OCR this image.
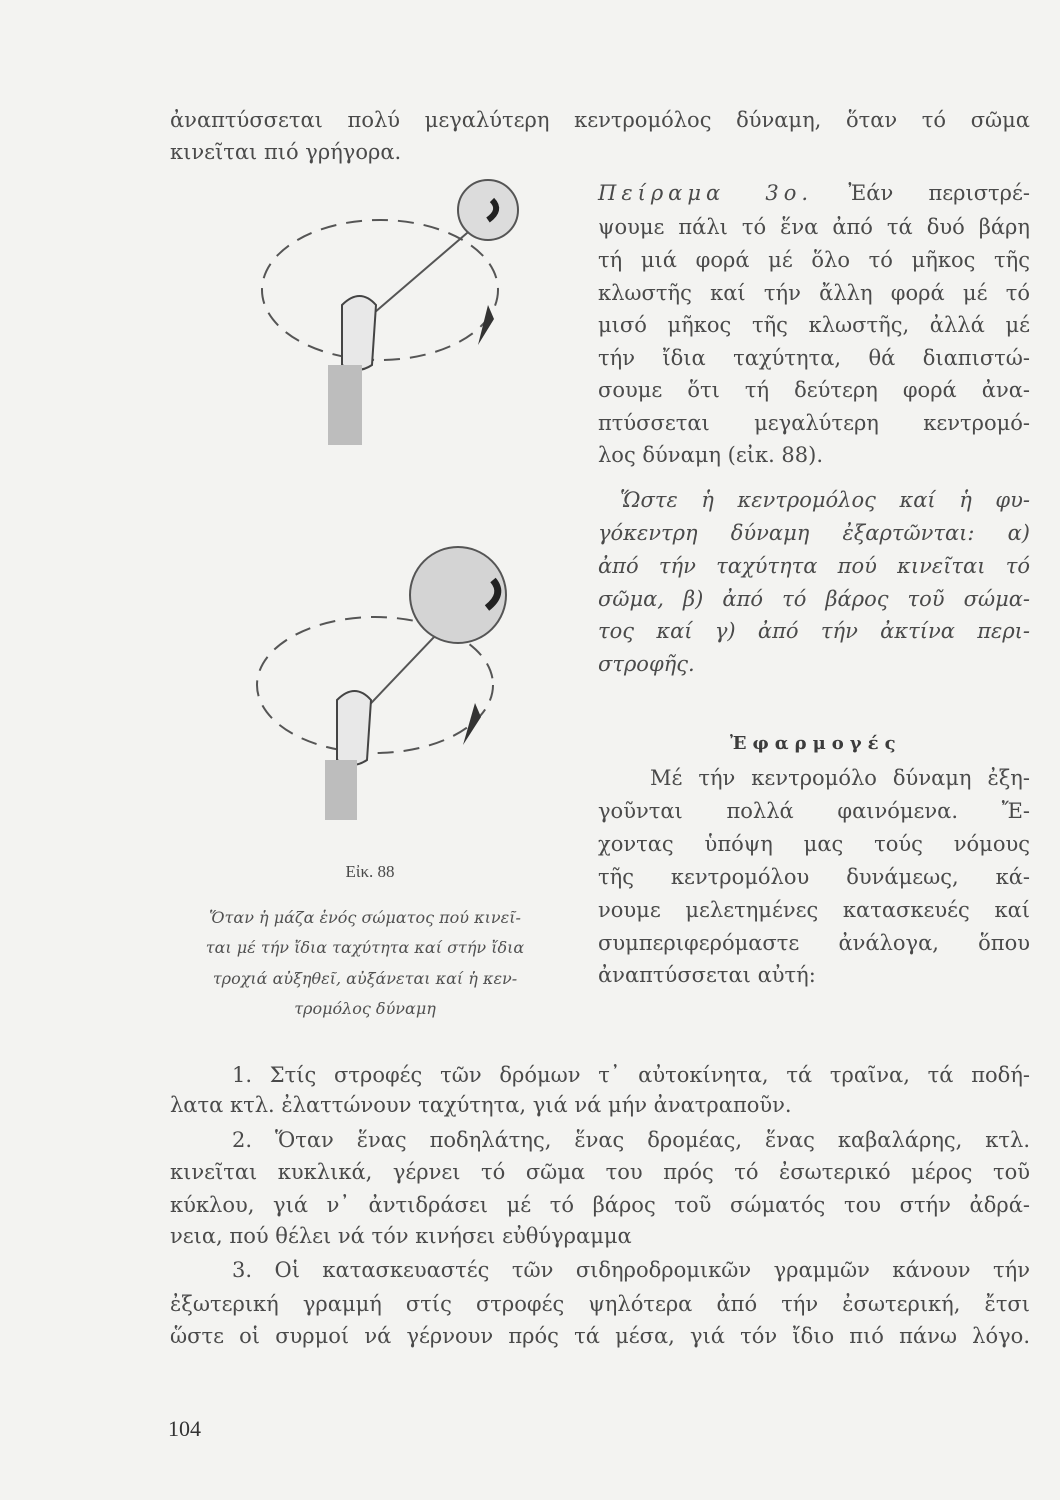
ἀναπτύσσεται πολύ μεγαλύτερη κεντρομόλος δύναμη, ὅταν τό σῶμα
κινεῖται πιό γρήγορα.
Πείραμα 3ο. Ἐάν περιστρέ-
ψουμε πάλι τό ἕνα ἀπό τά δυό βάρη
τή μιά φορά μέ ὅλο τό μῆκος τῆς
κλωστῆς καί τήν ἄλλη φορά μέ τό
μισό μῆκος τῆς κλωστῆς, ἀλλά μέ
τήν ἴδια ταχύτητα, θά διαπιστώ-
σουμε ὅτι τή δεύτερη φορά ἀνα-
πτύσσεται μεγαλύτερη κεντρομό-
λος δύναμη (εἰκ. 88).
Ὥστε ἡ κεντρομόλος καί ἡ φυ-
γόκεντρη δύναμη ἐξαρτῶνται: α)
ἀπό τήν ταχύτητα πού κινεῖται τό
σῶμα, β) ἀπό τό βάρος τοῦ σώμα-
τος καί γ) ἀπό τήν ἀκτίνα περι-
στροφῆς.
Ἐφαρμογές
Μέ τήν κεντρομόλο δύναμη ἐξη-
γοῦνται πολλά φαινόμενα. Ἔ-
χοντας ὑπόψη μας τούς νόμους
τῆς κεντρομόλου δυνάμεως, κά-
νουμε μελετημένες κατασκευές καί
συμπεριφερόμαστε ἀνάλογα, ὅπου
ἀναπτύσσεται αὐτή:
Εἰκ. 88
Ὅταν ἡ μάζα ἑνός σώματος πού κινεῖ-
ται μέ τήν ἴδια ταχύτητα καί στήν ἴδια
τροχιά αὐξηθεῖ, αὐξάνεται καί ἡ κεν-
τρομόλος δύναμη
1. Στίς στροφές τῶν δρόμων τ᾽ αὐτοκίνητα, τά τραῖνα, τά ποδή-
λατα κτλ. ἐλαττώνουν ταχύτητα, γιά νά μήν ἀνατραποῦν.
2. Ὅταν ἕνας ποδηλάτης, ἕνας δρομέας, ἕνας καβαλάρης, κτλ.
κινεῖται κυκλικά, γέρνει τό σῶμα του πρός τό ἐσωτερικό μέρος τοῦ
κύκλου, γιά ν᾽ ἀντιδράσει μέ τό βάρος τοῦ σώματός του στήν ἀδρά-
νεια, πού θέλει νά τόν κινήσει εὐθύγραμμα
3. Οἱ κατασκευαστές τῶν σιδηροδρομικῶν γραμμῶν κάνουν τήν
ἐξωτερική γραμμή στίς στροφές ψηλότερα ἀπό τήν ἐσωτερική, ἔτσι
ὥστε οἱ συρμοί νά γέρνουν πρός τά μέσα, γιά τόν ἴδιο πιό πάνω λόγο.
104
